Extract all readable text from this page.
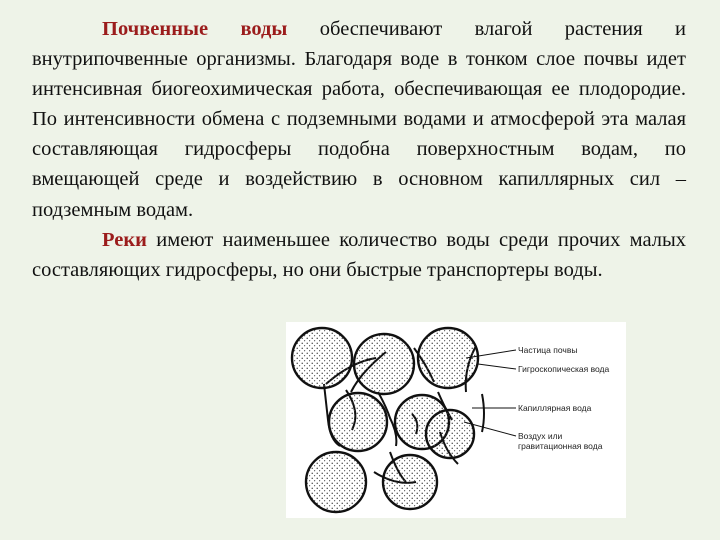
Почвенные воды обеспечивают влагой растения и внутрипочвенные организмы. Благодаря воде в тонком слое почвы идет интенсивная биогеохимическая работа, обеспечивающая ее плодородие. По интенсивности обмена с подземными водами и атмосферой эта малая составляющая гидросферы подобна поверхностным водам, по вмещающей среде и воздействию в основном капиллярных сил – подземным водам.

Реки имеют наименьшее количество воды среди прочих малых составляющих гидросферы, но они быстрые транспортеры воды.

Частица почвы
Гигроскопическая вода
Капиллярная вода
Воздух или
гравитационная вода
